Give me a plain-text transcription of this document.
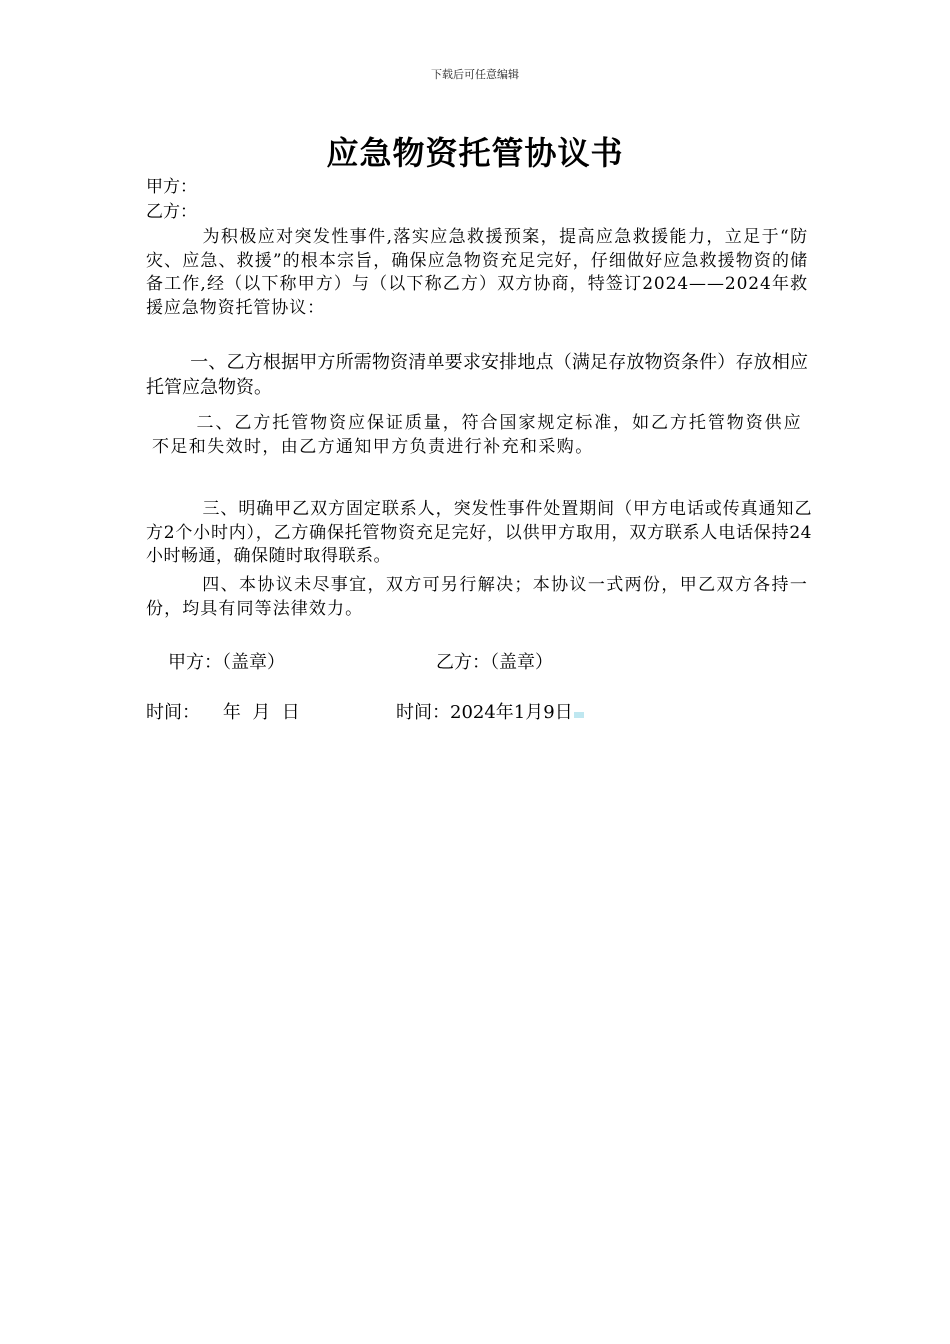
下载后可任意编辑
应急物资托管协议书
甲方：
乙方：
为积极应对突发性事件,落实应急救援预案，提高应急救援能力，立足于“防灾、应急、救援”的根本宗旨，确保应急物资充足完好，仔细做好应急救援物资的储备工作,经（以下称甲方）与（以下称乙方）双方协商，特签订2024——2024年救援应急物资托管协议：
一、乙方根据甲方所需物资清单要求安排地点（满足存放物资条件）存放相应托管应急物资。
二、乙方托管物资应保证质量，符合国家规定标准，如乙方托管物资供应不足和失效时，由乙方通知甲方负责进行补充和采购。
三、明确甲乙双方固定联系人，突发性事件处置期间（甲方电话或传真通知乙方2个小时内），乙方确保托管物资充足完好，以供甲方取用，双方联系人电话保持24小时畅通，确保随时取得联系。
四、本协议未尽事宜，双方可另行解决；本协议一式两份，甲乙双方各持一份，均具有同等法律效力。
甲方：（盖章）	乙方：（盖章）
时间：    年  月  日	时间：2024年1月9日
